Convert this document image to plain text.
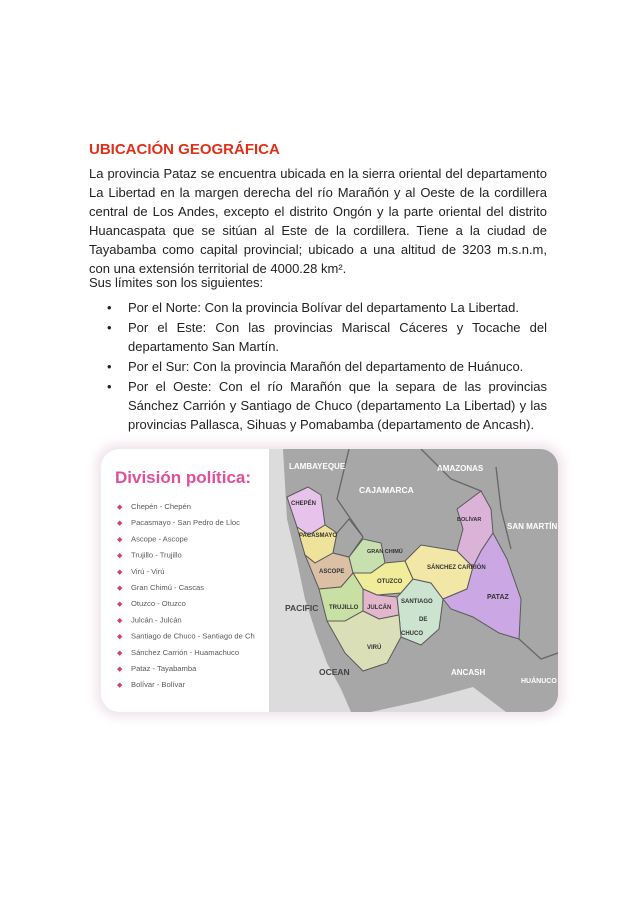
UBICACIÓN GEOGRÁFICA

La provincia Pataz se encuentra ubicada en la sierra oriental del departamento La Libertad en la margen derecha del río Marañón y al Oeste de la cordillera central de Los Andes, excepto el distrito Ongón y la parte oriental del distrito Huancaspata que se sitúan al Este de la cordillera. Tiene a la ciudad de Tayabamba como capital provincial; ubicado a una altitud de 3203 m.s.n.m, con una extensión territorial de 4000.28 km².

Sus límites son los siguientes:

• Por el Norte: Con la provincia Bolívar del departamento La Libertad.
• Por el Este: Con las provincias Mariscal Cáceres y Tocache del departamento San Martín.
• Por el Sur: Con la provincia Marañón del departamento de Huánuco.
• Por el Oeste: Con el río Marañón que la separa de las provincias Sánchez Carrión y Santiago de Chuco (departamento La Libertad) y las provincias Pallasca, Sihuas y Pomabamba (departamento de Ancash).
LAMBAYEQUE	AMAZONAS
CAJAMARCA
SAN MARTÍN
ANCASH
HUÁNUCO
PACIFIC
OCEAN
CHEPÉN
PACASMAYO
ASCOPE
GRAN CHIMÚ
OTUZCO
TRUJILLO JULCÁN
SANTIAGO
DE
CHUCO
VIRÚ
SÁNCHEZ CARRIÓN
BOLÍVAR
PATAZ
División política:
◆ Chepén - Chepén
◆ Pacasmayo - San Pedro de Lloc
◆ Ascope - Ascope
◆ Trujillo - Trujillo
◆ Virú - Virú
◆ Gran Chimú - Cascas
◆ Otuzco - Otuzco
◆ Julcán - Julcán
◆ Santiago de Chuco - Santiago de Ch
◆ Sánchez Carrión - Huamachuco
◆ Pataz - Tayabamba
◆ Bolívar - Bolívar
